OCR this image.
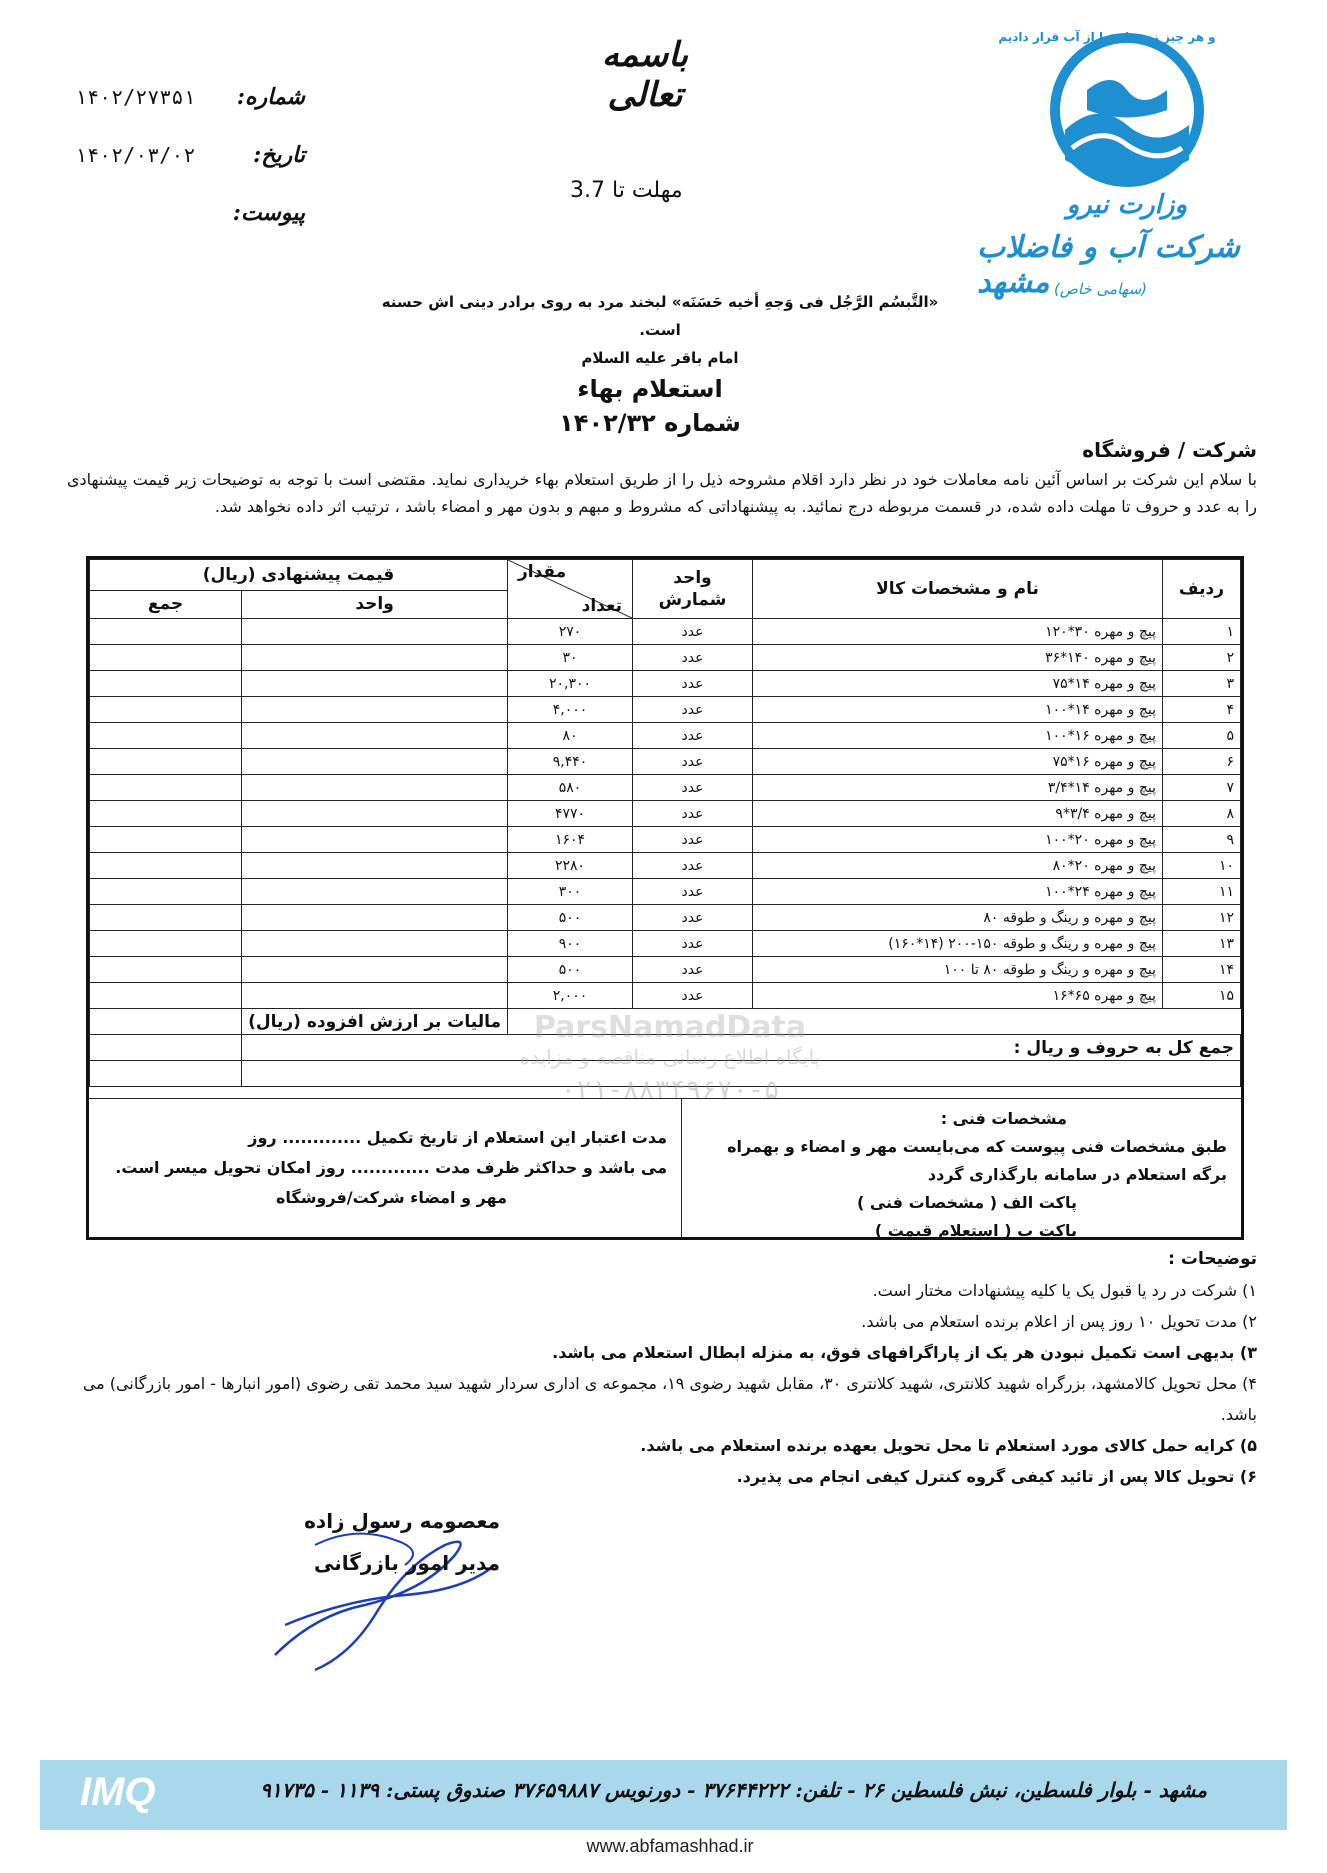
و هر چیز زنده ای را از آب قرار دادیم
وزارت نیرو
شرکت آب و فاضلاب مشهد (سهامی خاص)
باسمه تعالی
شماره:
۱۴۰۲/۲۷۳۵۱
تاریخ:
۱۴۰۲/۰۳/۰۲
پیوست:
مهلت تا 3.7
«التَّبسُم الرَّجُل فی وَجهِ أخیه حَسَنَه» لبخند مرد به روی برادر دینی اش حسنه است.
امام باقر علیه السلام
استعلام بهاء
شماره ۱۴۰۲/۳۲
شرکت / فروشگاه
با سلام این شرکت بر اساس آئین نامه معاملات خود در نظر دارد اقلام مشروحه ذیل را از طریق استعلام بهاء خریداری نماید. مقتضی است با توجه به توضیحات زیر قیمت پیشنهادی را به عدد و حروف تا مهلت داده شده، در قسمت مربوطه درج نمائید. به پیشنهاداتی که مشروط و مبهم و بدون مهر و امضاء باشد ، ترتیب اثر داده نخواهد شد.
ردیف	نام و مشخصات کالا	واحد شمارش	مقدار
تعداد	قیمت پیشنهادی (ریال)	
				واحد	جمع
۱	پیچ و مهره ۳۰*۱۲۰	عدد	۲۷۰		
۲	پیچ و مهره ۱۴۰*۳۶	عدد	۳۰		
۳	پیچ و مهره ۱۴*۷۵	عدد	۲۰,۳۰۰		
۴	پیچ و مهره ۱۴*۱۰۰	عدد	۴,۰۰۰		
۵	پیچ و مهره ۱۶*۱۰۰	عدد	۸۰		
۶	پیچ و مهره ۱۶*۷۵	عدد	۹,۴۴۰		
۷	پیچ و مهره ۱۴*۳/۴	عدد	۵۸۰		
۸	پیچ و مهره ۳/۴*۹	عدد	۴۷۷۰		
۹	پیچ و مهره ۲۰*۱۰۰	عدد	۱۶۰۴		
۱۰	پیچ و مهره ۲۰*۸۰	عدد	۲۲۸۰		
۱۱	پیچ و مهره ۲۴*۱۰۰	عدد	۳۰۰		
۱۲	پیچ و مهره و رینگ و طوقه ۸۰	عدد	۵۰۰		
۱۳	پیچ و مهره و رینگ و طوقه ۱۵۰-۲۰۰ (۱۴*۱۶۰)	عدد	۹۰۰		
۱۴	پیچ و مهره و رینگ و طوقه ۸۰ تا ۱۰۰	عدد	۵۰۰		
۱۵	پیچ و مهره ۶۵*۱۶	عدد	۲,۰۰۰		
				مالیات بر ارزش افزوده (ریال)	
جمع کل به حروف و ریال :					

مشخصات فنی :
طبق مشخصات فنی پیوست که می‌بایست مهر و امضاء و بهمراه برگه استعلام در سامانه بارگذاری گردد
پاکت الف ( مشخصات فنی )
پاکت ب ( استعلام قیمت )
مدت اعتبار این استعلام از تاریخ تکمیل ............. روز
می باشد و حداکثر ظرف مدت ............. روز امکان تحویل میسر است.
مهر و امضاء شرکت/فروشگاه
ParsNamadData
پایگاه اطلاع رسانی مناقصه و مزایده
۰۲۱-۸۸۳۴۹۶۷۰-۵
توضیحات :
۱) شرکت در رد یا قبول یک یا کلیه پیشنهادات مختار است.
۲) مدت تحویل ۱۰ روز پس از اعلام برنده استعلام می باشد.
۳) بدیهی است تکمیل نبودن هر یک از پاراگرافهای فوق، به منزله ابطال استعلام می باشد.
۴) محل تحویل کالامشهد، بزرگراه شهید کلانتری، شهید کلانتری ۳۰، مقابل شهید رضوی ۱۹، مجموعه ی اداری سردار شهید سید محمد تقی رضوی (امور انبارها - امور بازرگانی) می باشد.
۵) کرایه حمل کالای مورد استعلام تا محل تحویل بعهده برنده استعلام می باشد.
۶) تحویل کالا پس از تائید کیفی گروه کنترل کیفی انجام می پذیرد.
معصومه رسول زاده
مدیر امور بازرگانی
IMQ	مشهد - بلوار فلسطین، نبش فلسطین ۲۶ - تلفن: ۳۷۶۴۴۲۲۲ - دورنویس ۳۷۶۵۹۸۸۷ صندوق پستی: ۱۱۳۹ - ۹۱۷۳۵
www.abfamashhad.ir
